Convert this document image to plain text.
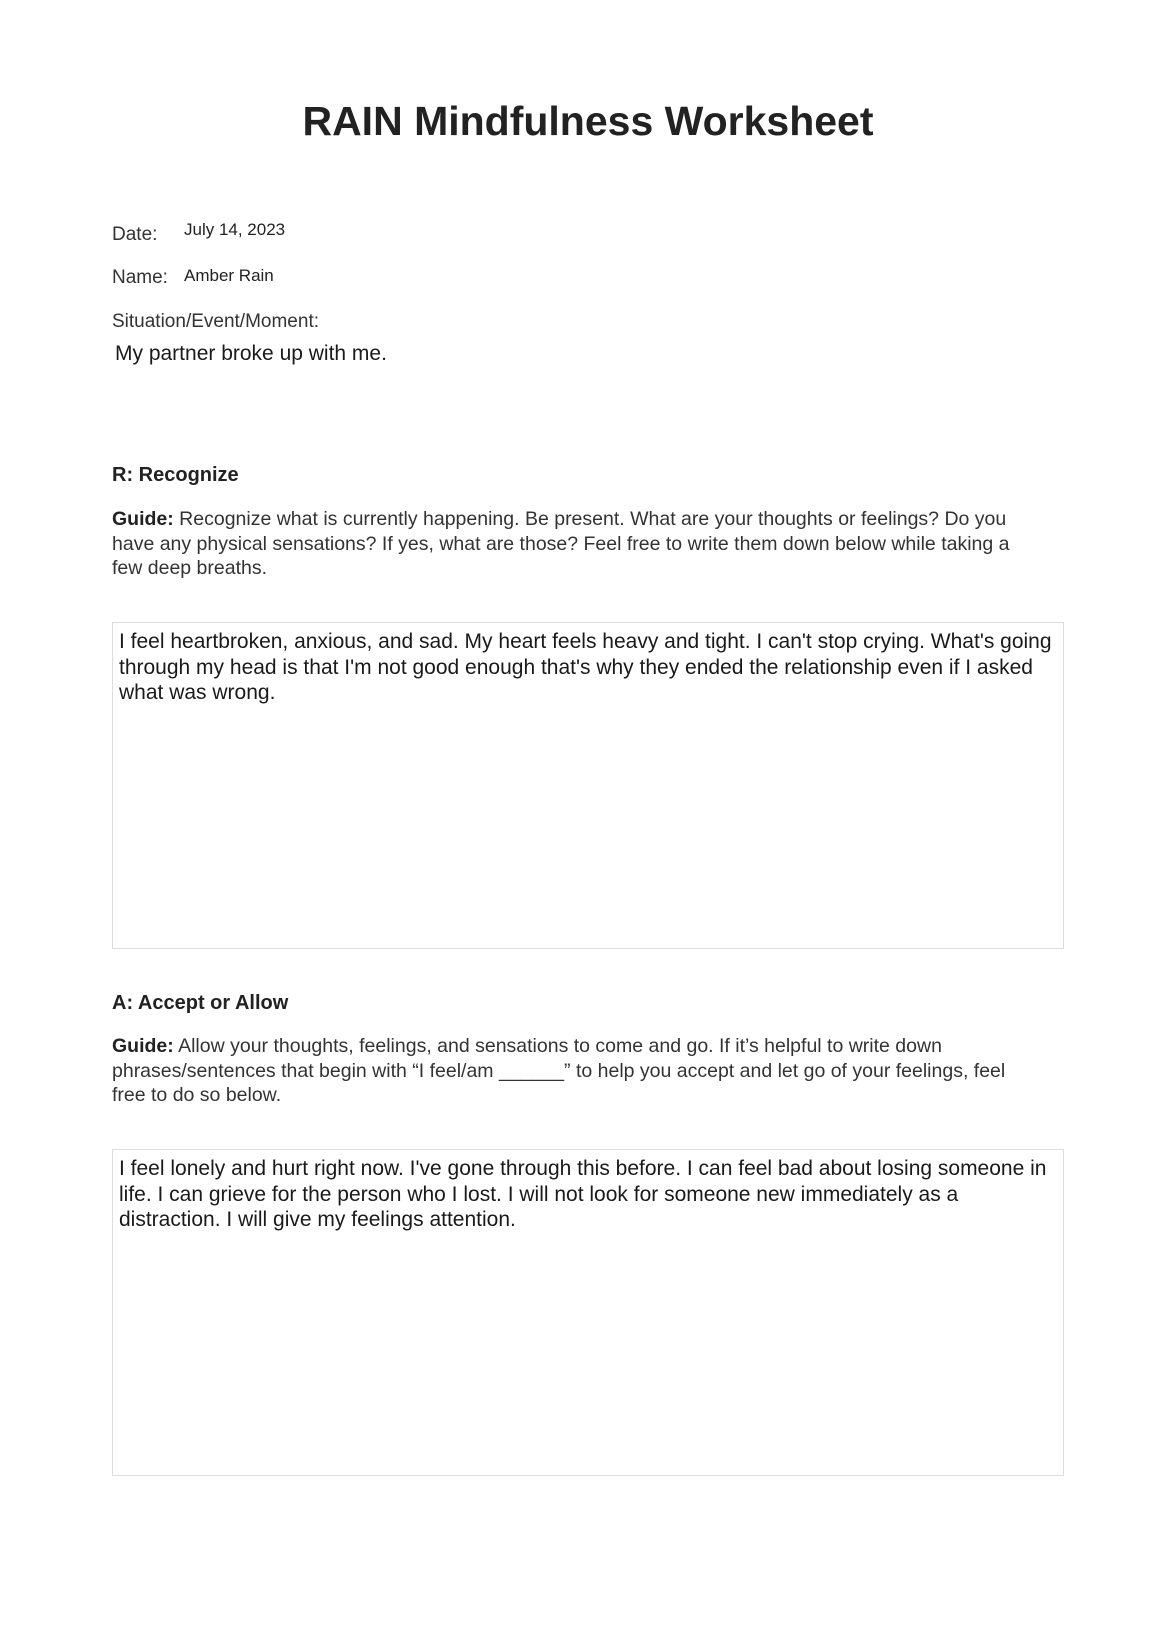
RAIN Mindfulness Worksheet
Date: July 14, 2023
Name: Amber Rain
Situation/Event/Moment:
My partner broke up with me.
R: Recognize
Guide: Recognize what is currently happening. Be present. What are your thoughts or feelings? Do you have any physical sensations? If yes, what are those? Feel free to write them down below while taking a few deep breaths.
I feel heartbroken, anxious, and sad. My heart feels heavy and tight. I can't stop crying. What's going through my head is that I'm not good enough that's why they ended the relationship even if I asked what was wrong.
A: Accept or Allow
Guide: Allow your thoughts, feelings, and sensations to come and go. If it’s helpful to write down phrases/sentences that begin with “I feel/am ______” to help you accept and let go of your feelings, feel free to do so below.
I feel lonely and hurt right now. I've gone through this before. I can feel bad about losing someone in life. I can grieve for the person who I lost. I will not look for someone new immediately as a distraction. I will give my feelings attention.
